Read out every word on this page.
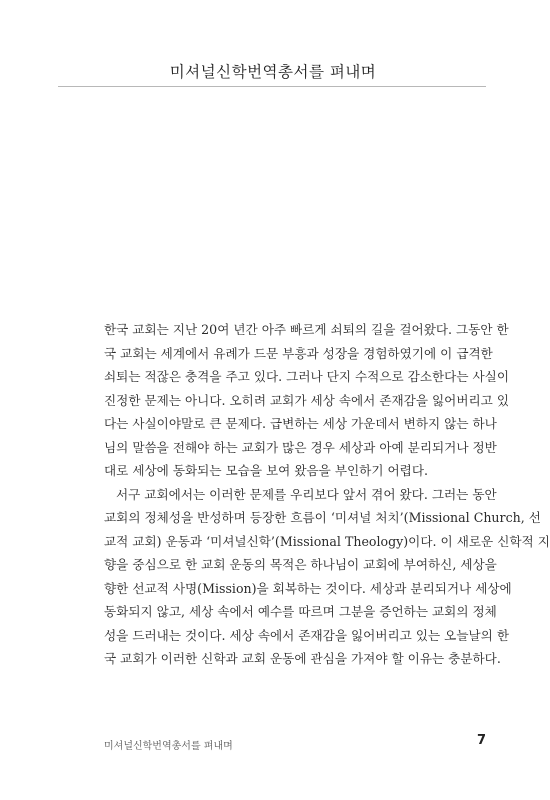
미셔널신학번역총서를 펴내며
한국 교회는 지난 20여 년간 아주 빠르게 쇠퇴의 길을 걸어왔다. 그동안 한
국 교회는 세계에서 유례가 드문 부흥과 성장을 경험하였기에 이 급격한
쇠퇴는 적잖은 충격을 주고 있다. 그러나 단지 수적으로 감소한다는 사실이
진정한 문제는 아니다. 오히려 교회가 세상 속에서 존재감을 잃어버리고 있
다는 사실이야말로 큰 문제다. 급변하는 세상 가운데서 변하지 않는 하나
님의 말씀을 전해야 하는 교회가 많은 경우 세상과 아예 분리되거나 정반
대로 세상에 동화되는 모습을 보여 왔음을 부인하기 어렵다.
서구 교회에서는 이러한 문제를 우리보다 앞서 겪어 왔다. 그러는 동안
교회의 정체성을 반성하며 등장한 흐름이 ‘미셔널 처치’(Missional Church, 선
교적 교회) 운동과 ‘미셔널신학’(Missional Theology)이다. 이 새로운 신학적 지
향을 중심으로 한 교회 운동의 목적은 하나님이 교회에 부여하신, 세상을
향한 선교적 사명(Mission)을 회복하는 것이다. 세상과 분리되거나 세상에
동화되지 않고, 세상 속에서 예수를 따르며 그분을 증언하는 교회의 정체
성을 드러내는 것이다. 세상 속에서 존재감을 잃어버리고 있는 오늘날의 한
국 교회가 이러한 신학과 교회 운동에 관심을 가져야 할 이유는 충분하다.
미셔널신학번역총서를 펴내며	7
